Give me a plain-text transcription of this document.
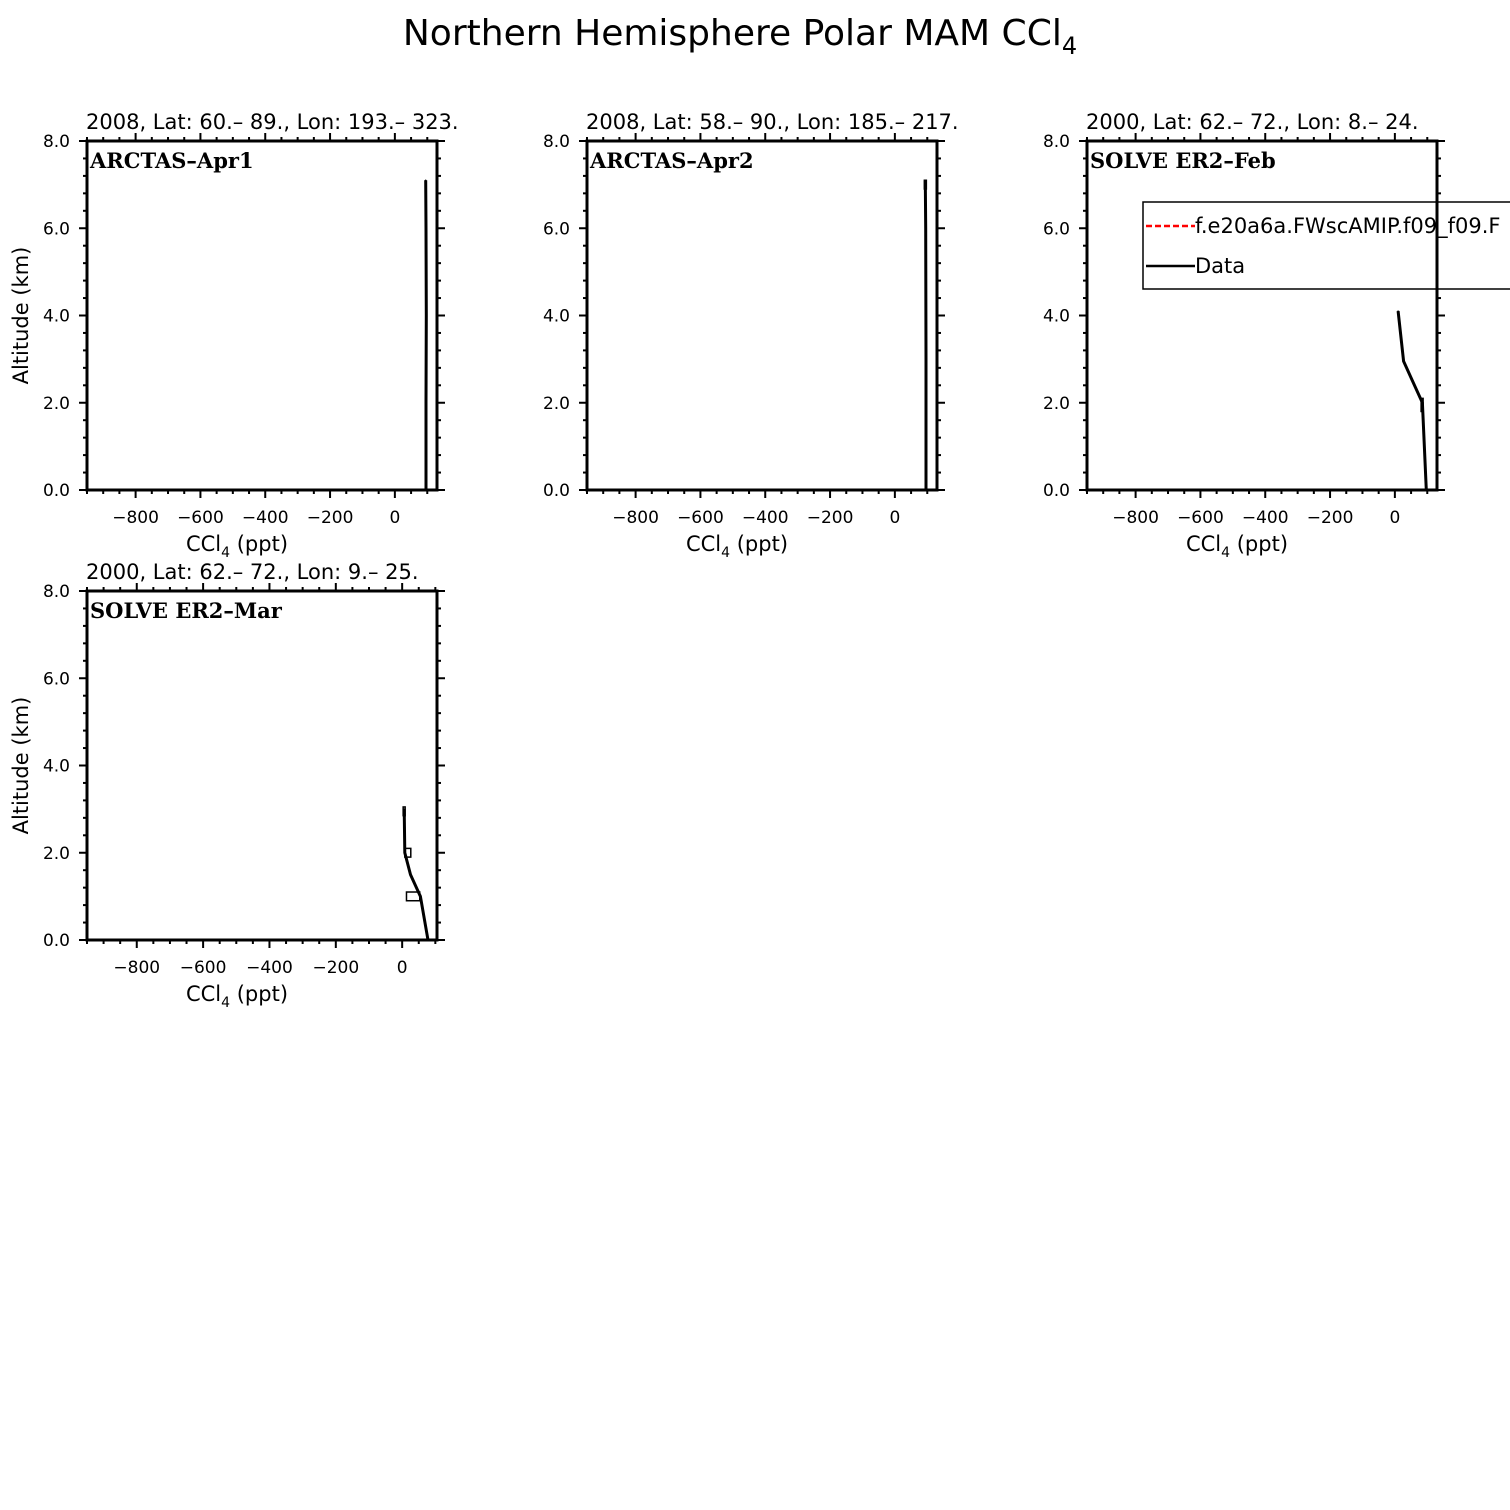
Northern Hemisphere Polar MAM CCl$_4$
0.0
2.0
4.0
6.0
8.0
−800 −600 −400 −200 0
2008, Lat: 60.– 89., Lon: 193.– 323.
ARCTAS–Apr1
CCl$_4$ (ppt)
Altitude (km)
0.0
2.0
4.0
6.0
8.0
−800 −600 −400 −200 0
2008, Lat: 58.– 90., Lon: 185.– 217.
ARCTAS–Apr2
CCl$_4$ (ppt)
0.0
2.0
4.0
6.0
8.0
−800 −600 −400 −200 0
2000, Lat: 62.– 72., Lon: 8.– 24.
SOLVE ER2–Feb
CCl$_4$ (ppt)
f.e20a6a.FWscAMIP.f09_f09.F
Data
0.0
2.0
4.0
6.0
8.0
−800 −600 −400 −200 0
2000, Lat: 62.– 72., Lon: 9.– 25.
SOLVE ER2–Mar
CCl$_4$ (ppt)
Altitude (km)
